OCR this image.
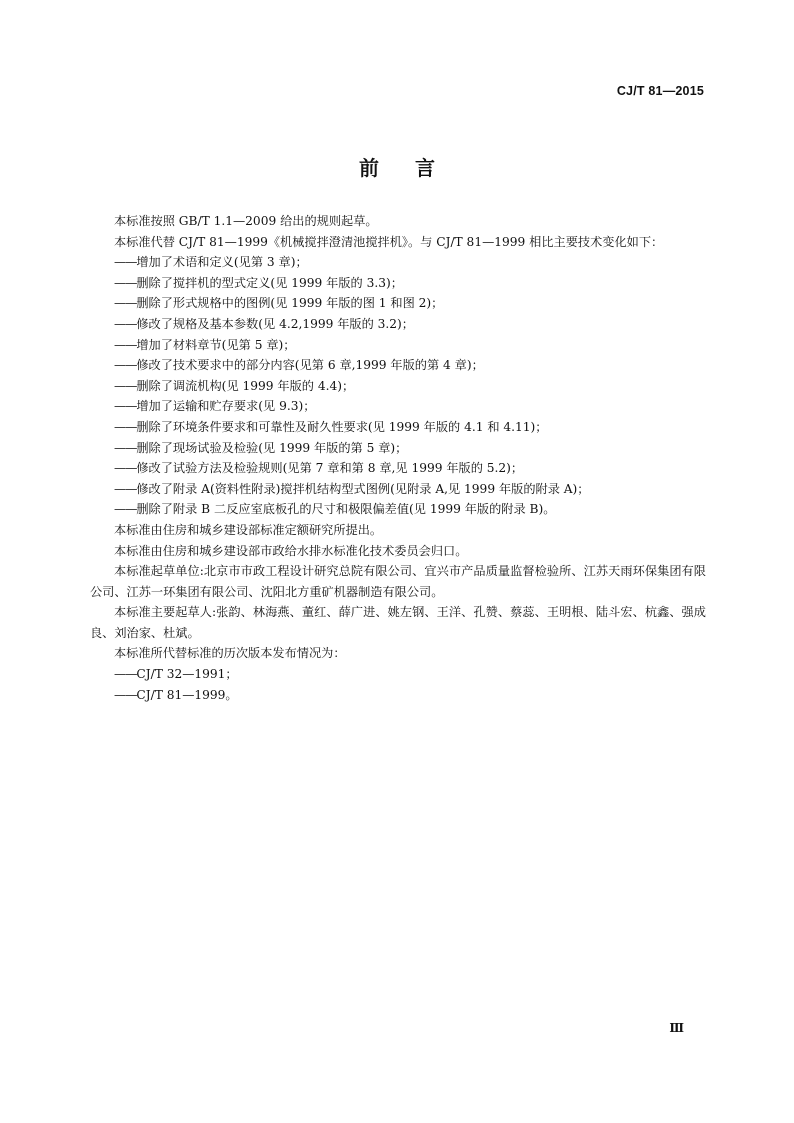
CJ/T 81—2015
前言

本标准按照 GB/T 1.1—2009 给出的规则起草。

本标准代替 CJ/T 81—1999《机械搅拌澄清池搅拌机》。与 CJ/T 81—1999 相比主要技术变化如下：

——增加了术语和定义(见第 3 章)；

——删除了搅拌机的型式定义(见 1999 年版的 3.3)；

——删除了形式规格中的图例(见 1999 年版的图 1 和图 2)；

——修改了规格及基本参数(见 4.2,1999 年版的 3.2)；

——增加了材料章节(见第 5 章)；

——修改了技术要求中的部分内容(见第 6 章,1999 年版的第 4 章)；

——删除了调流机构(见 1999 年版的 4.4)；

——增加了运输和贮存要求(见 9.3)；

——删除了环境条件要求和可靠性及耐久性要求(见 1999 年版的 4.1 和 4.11)；

——删除了现场试验及检验(见 1999 年版的第 5 章)；

——修改了试验方法及检验规则(见第 7 章和第 8 章,见 1999 年版的 5.2)；

——修改了附录 A(资料性附录)搅拌机结构型式图例(见附录 A,见 1999 年版的附录 A)；

——删除了附录 B 二反应室底板孔的尺寸和极限偏差值(见 1999 年版的附录 B)。

本标准由住房和城乡建设部标准定额研究所提出。

本标准由住房和城乡建设部市政给水排水标准化技术委员会归口。

本标准起草单位:北京市市政工程设计研究总院有限公司、宜兴市产品质量监督检验所、江苏天雨环保集团有限公司、江苏一环集团有限公司、沈阳北方重矿机器制造有限公司。

本标准主要起草人:张韵、林海燕、董红、薛广进、姚左钢、王洋、孔赞、蔡蕊、王明根、陆斗宏、杭鑫、强成良、刘治家、杜斌。

本标准所代替标准的历次版本发布情况为：

——CJ/T 32—1991；

——CJ/T 81—1999。

Ⅲ
